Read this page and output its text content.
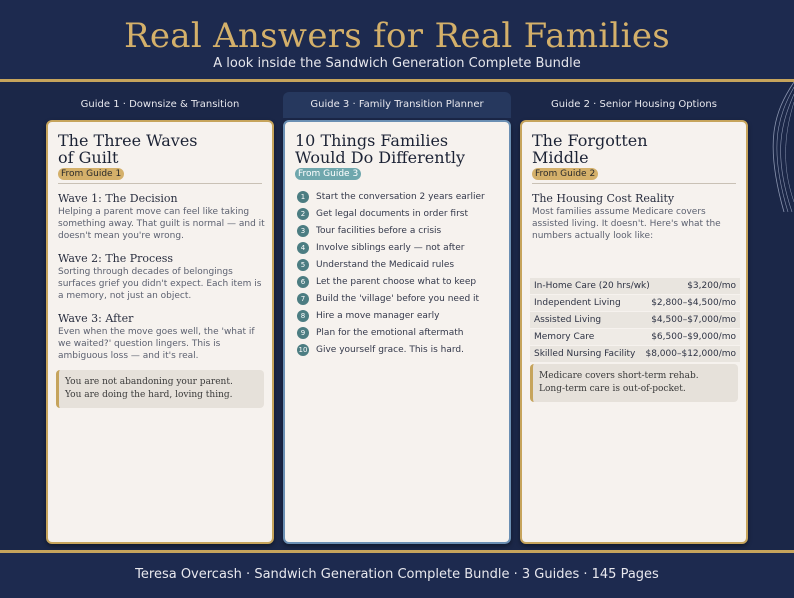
Real Answers for Real Families
A look inside the Sandwich Generation Complete Bundle
Guide 1 · Downsize & Transition
The Three Waves
of Guilt
From Guide 1
Wave 1: The Decision
Helping a parent move can feel like taking something away. That guilt is normal — and it doesn't mean you're wrong.
Wave 2: The Process
Sorting through decades of belongings surfaces grief you didn't expect. Each item is a memory, not just an object.
Wave 3: After
Even when the move goes well, the 'what if we waited?' question lingers. This is ambiguous loss — and it's real.
You are not abandoning your parent.
You are doing the hard, loving thing.
Guide 3 · Family Transition Planner
10 Things Families
Would Do Differently
From Guide 3
1	Start the conversation 2 years earlier
2	Get legal documents in order first
3	Tour facilities before a crisis
4	Involve siblings early — not after
5	Understand the Medicaid rules
6	Let the parent choose what to keep
7	Build the 'village' before you need it
8	Hire a move manager early
9	Plan for the emotional aftermath
10 Give yourself grace. This is hard.
Guide 2 · Senior Housing Options
The Forgotten
Middle
From Guide 2
The Housing Cost Reality
Most families assume Medicare covers assisted living. It doesn't. Here's what the numbers actually look like:
In-Home Care (20 hrs/wk)	$3,200/mo
Independent Living	$2,800–$4,500/mo
Assisted Living	$4,500–$7,000/mo
Memory Care	$6,500–$9,000/mo
Skilled Nursing Facility $8,000–$12,000/mo
Medicare covers short-term rehab.
Long-term care is out-of-pocket.
Teresa Overcash · Sandwich Generation Complete Bundle · 3 Guides · 145 Pages
